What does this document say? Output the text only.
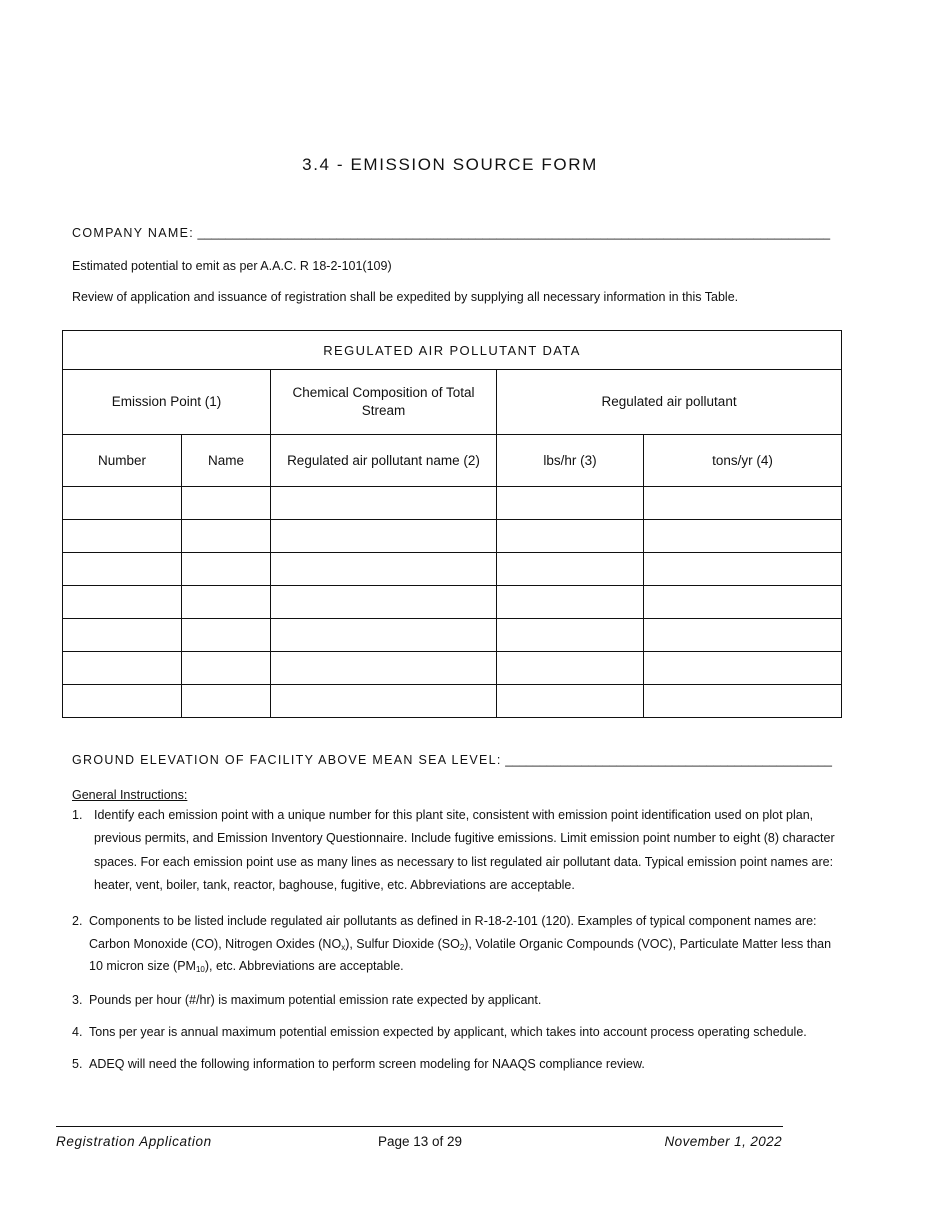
3.4 - EMISSION SOURCE FORM
COMPANY NAME: ___________________________________________________________________________________________
Estimated potential to emit as per A.A.C. R 18-2-101(109)
Review of application and issuance of registration shall be expedited by supplying all necessary information in this Table.
REGULATED AIR POLLUTANT DATA				
Emission Point (1)		Chemical Composition of Total Stream	Regulated air pollutant	
Number	Name	Regulated air pollutant name (2)	lbs/hr (3)	tons/yr (4)

GROUND ELEVATION OF FACILITY ABOVE MEAN SEA LEVEL: _______________________________________________
General Instructions:
1. Identify each emission point with a unique number for this plant site, consistent with emission point identification used on plot plan, previous permits, and Emission Inventory Questionnaire. Include fugitive emissions. Limit emission point number to eight (8) character spaces. For each emission point use as many lines as necessary to list regulated air pollutant data. Typical emission point names are: heater, vent, boiler, tank, reactor, baghouse, fugitive, etc. Abbreviations are acceptable.
2. Components to be listed include regulated air pollutants as defined in R-18-2-101 (120). Examples of typical component names are: Carbon Monoxide (CO), Nitrogen Oxides $(NO_x)$, Sulfur Dioxide $(SO_2)$, Volatile Organic Compounds (VOC), Particulate Matter less than 10 micron size $(PM_{10})$, etc. Abbreviations are acceptable.
3. Pounds per hour (#/hr) is maximum potential emission rate expected by applicant.
4. Tons per year is annual maximum potential emission expected by applicant, which takes into account process operating schedule.
5. ADEQ will need the following information to perform screen modeling for NAAQS compliance review.
Registration Application	Page 13 of 29	November 1, 2022
